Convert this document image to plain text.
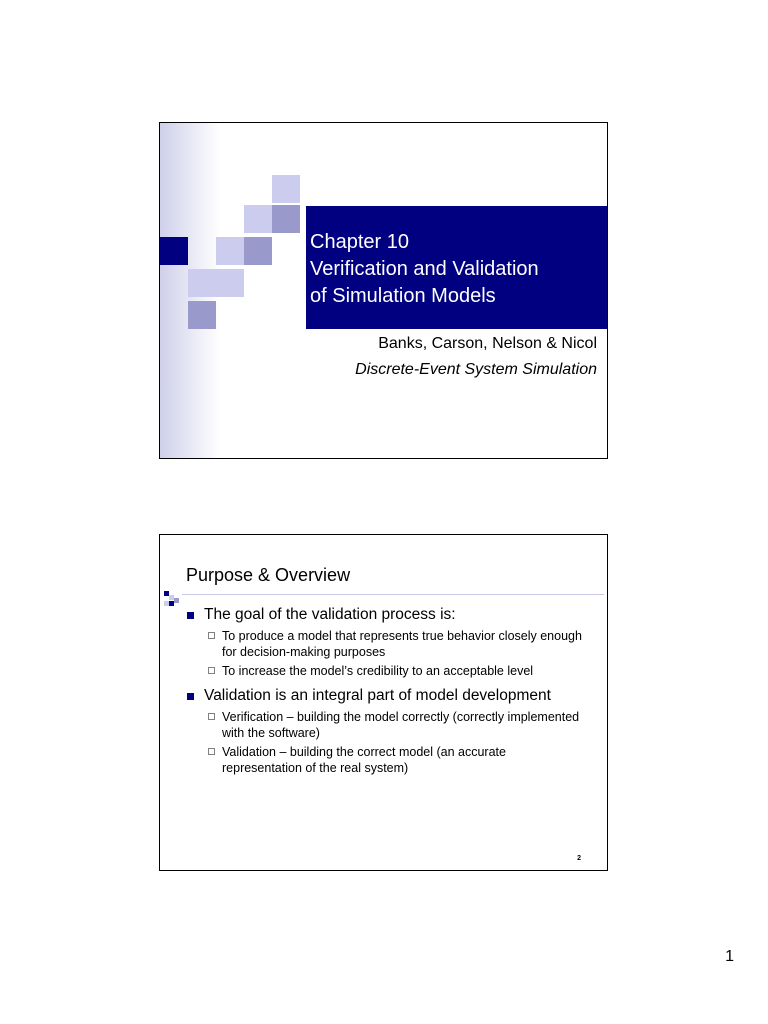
Chapter 10
Verification and Validation
of Simulation Models
Banks, Carson, Nelson & Nicol
Discrete-Event System Simulation
Purpose & Overview
The goal of the validation process is:
To produce a model that represents true behavior closely enough for decision-making purposes
To increase the model’s credibility to an acceptable level
Validation is an integral part of model development
Verification – building the model correctly (correctly implemented with the software)
Validation – building the correct model (an accurate representation of the real system)
2
1
